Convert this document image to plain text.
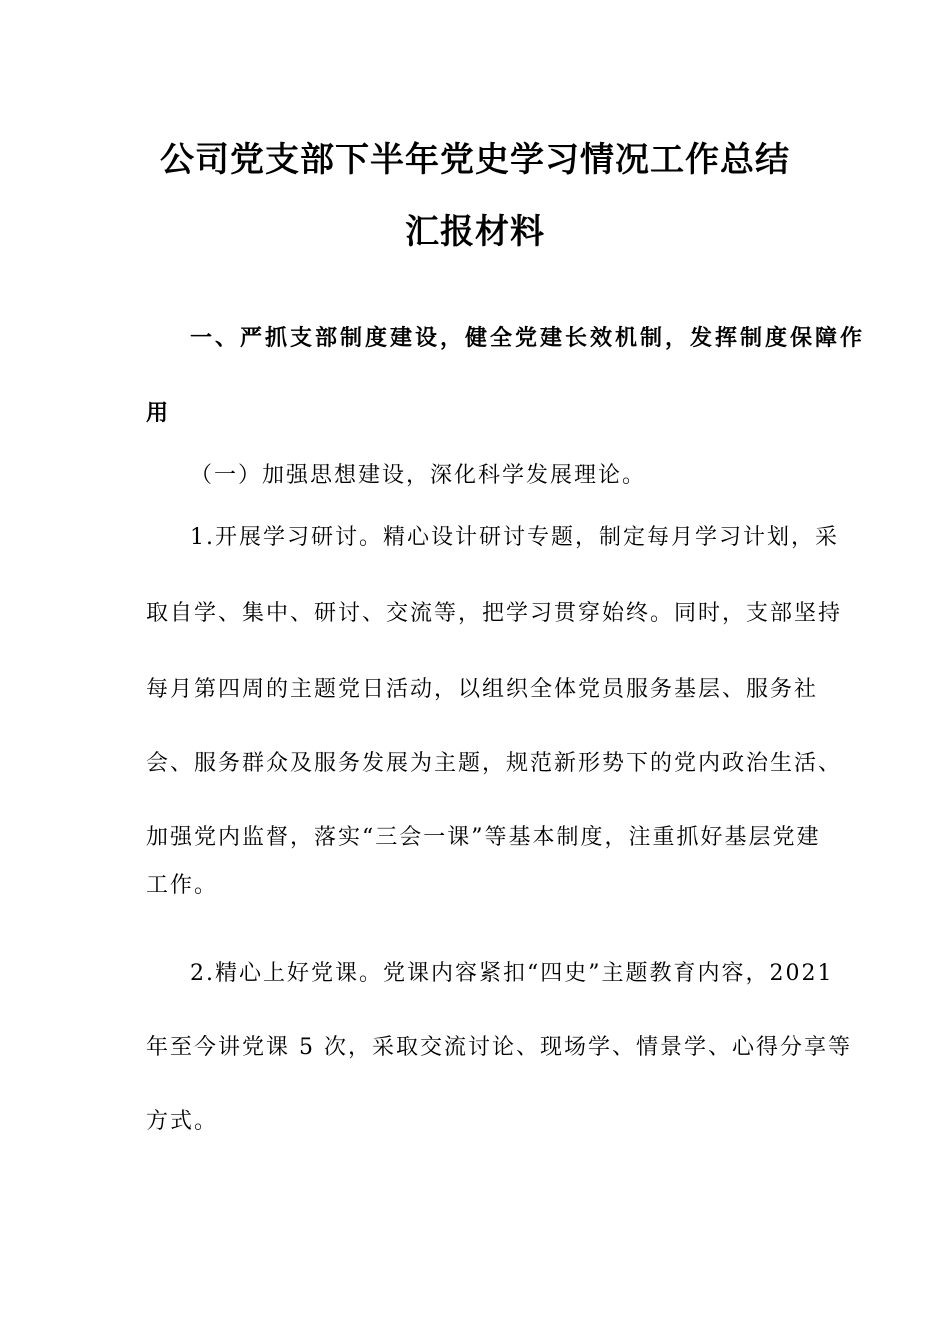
公司党支部下半年党史学习情况工作总结
汇报材料
一、严抓支部制度建设，健全党建长效机制，发挥制度保障作
用
（一）加强思想建设，深化科学发展理论。
1.开展学习研讨。精心设计研讨专题，制定每月学习计划，采
取自学、集中、研讨、交流等，把学习贯穿始终。同时，支部坚持
每月第四周的主题党日活动，以组织全体党员服务基层、服务社
会、服务群众及服务发展为主题，规范新形势下的党内政治生活、
加强党内监督，落实“三会一课”等基本制度，注重抓好基层党建
工作。
2.精心上好党课。党课内容紧扣“四史”主题教育内容，2021
年至今讲党课 5 次，采取交流讨论、现场学、情景学、心得分享等
方式。
